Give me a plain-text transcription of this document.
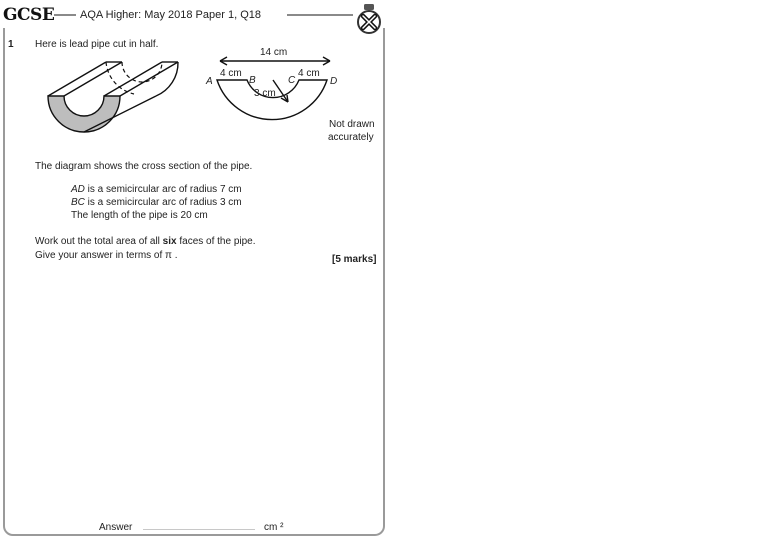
GCSE AQA Higher: May 2018 Paper 1, Q18
1 Here is lead pipe cut in half.
14 cm
A
4 cm
B	C
4 cm
D
3 cm
Not drawn
accurately
The diagram shows the cross section of the pipe.
AD is a semicircular arc of radius 7 cm
BC is a semicircular arc of radius 3 cm
The length of the pipe is 20 cm
Work out the total area of all six faces of the pipe.
Give your answer in terms of π .	[5 marks]
Answer	cm ²
